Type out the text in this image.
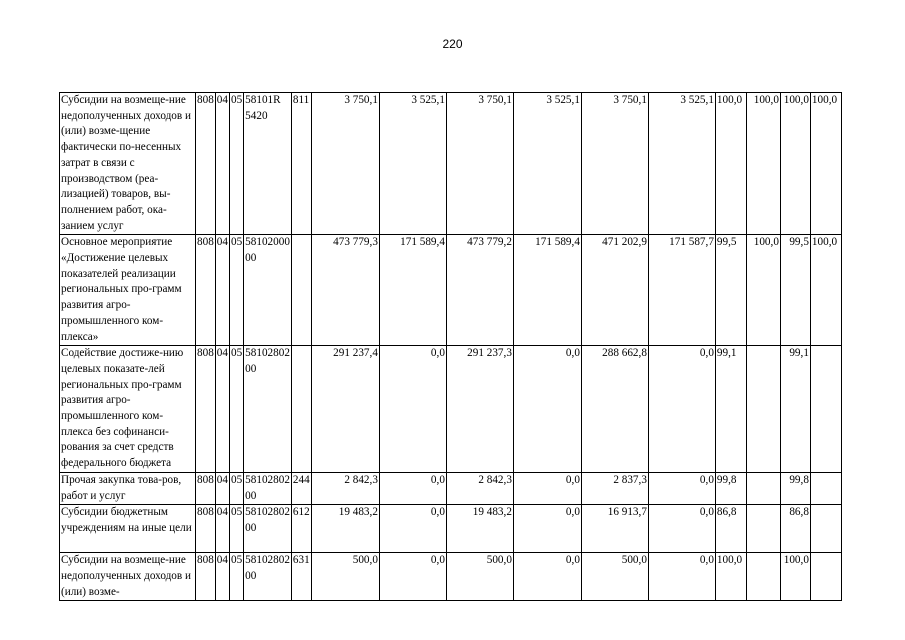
220
Субсидии на возмеще-ние недополученных доходов и (или) возме-щение фактически по-несенных затрат в связи с производством (реа-лизацией) товаров, вы-полнением работ, ока-занием услуг	808	04	05	58101R 5420	811	3 750,1	3 525,1	3 750,1	3 525,1	3 750,1	3 525,1	100,0	100,0	100,0	100,0
Основное мероприятие «Достижение целевых показателей реализации региональных про-грамм развития агро-промышленного ком-плекса»	808	04	05	58102000 00		473 779,3	171 589,4	473 779,2	171 589,4	471 202,9	171 587,7	99,5	100,0	99,5	100,0
Содействие достиже-нию целевых показате-лей региональных про-грамм развития агро-промышленного ком-плекса без софинанси-рования за счет средств федерального бюджета	808	04	05	58102802 00		291 237,4	0,0	291 237,3	0,0	288 662,8	0,0	99,1		99,1	
Прочая закупка това-ров, работ и услуг	808	04	05	58102802 00	244	2 842,3	0,0	2 842,3	0,0	2 837,3	0,0	99,8		99,8	
Субсидии бюджетным учреждениям на иные цели	808	04	05	58102802 00	612	19 483,2	0,0	19 483,2	0,0	16 913,7	0,0	86,8		86,8	
Субсидии на возмеще-ние недополученных доходов и (или) возме-	808	04	05	58102802 00	631	500,0	0,0	500,0	0,0	500,0	0,0	100,0		100,0	
